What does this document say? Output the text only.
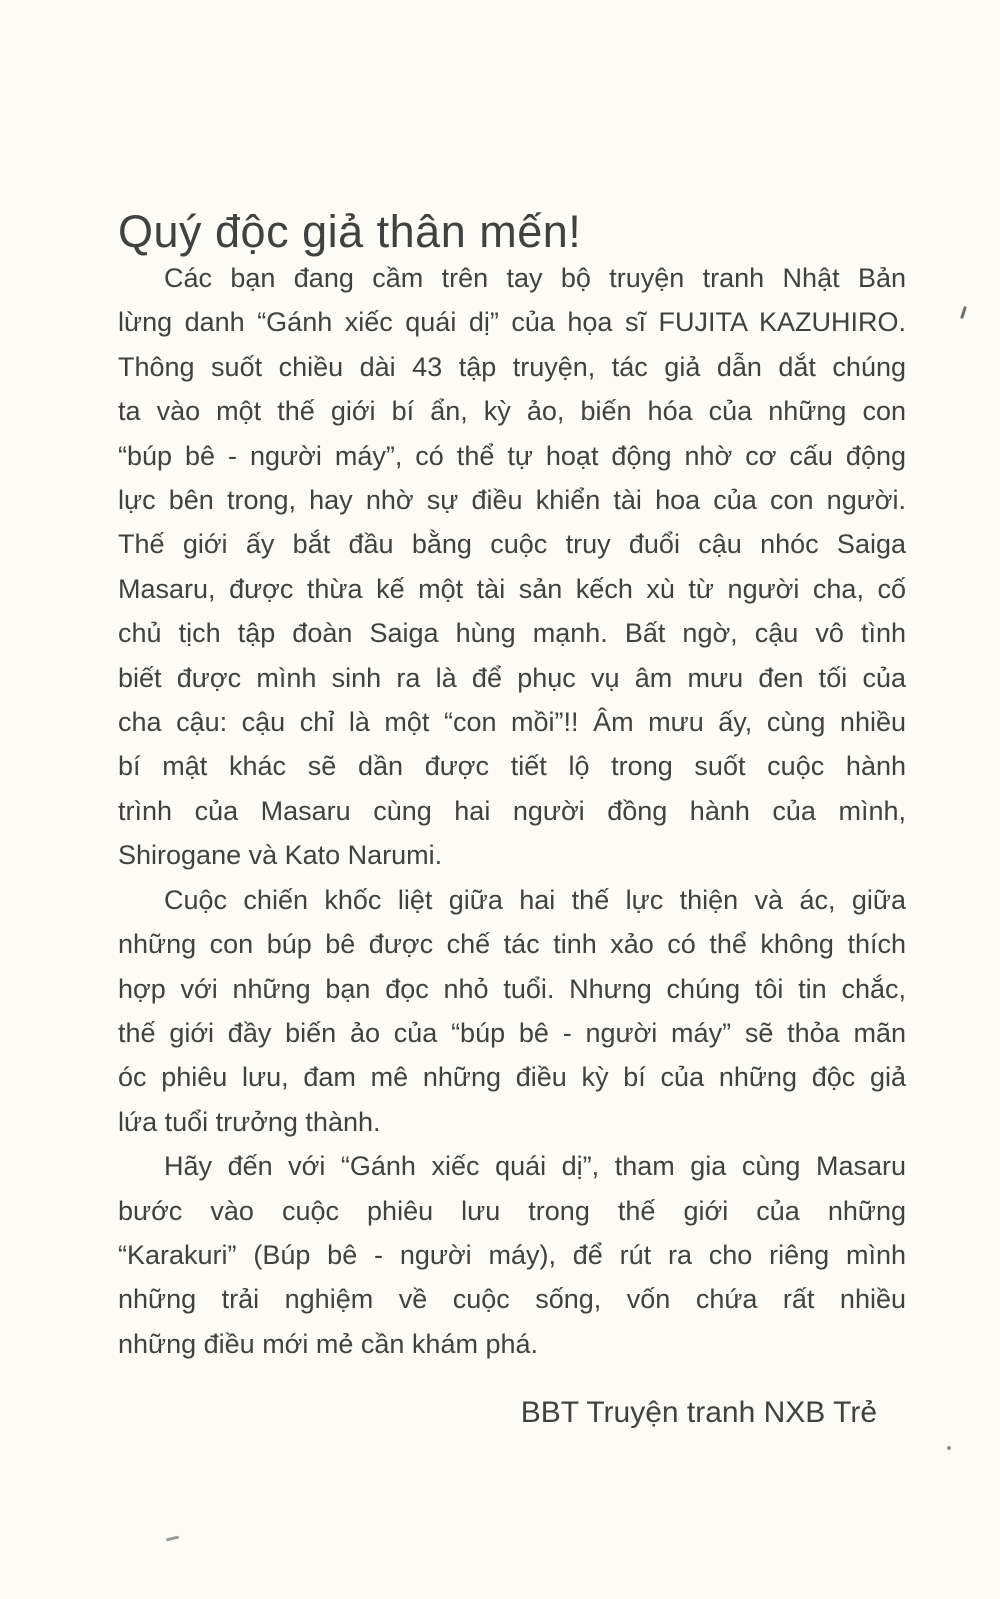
Quý độc giả thân mến!
Các bạn đang cầm trên tay bộ truyện tranh Nhật Bản
lừng danh “Gánh xiếc quái dị” của họa sĩ FUJITA KAZUHIRO.
Thông suốt chiều dài 43 tập truyện, tác giả dẫn dắt chúng
ta vào một thế giới bí ẩn, kỳ ảo, biến hóa của những con
“búp bê - người máy”, có thể tự hoạt động nhờ cơ cấu động
lực bên trong, hay nhờ sự điều khiển tài hoa của con người.
Thế giới ấy bắt đầu bằng cuộc truy đuổi cậu nhóc Saiga
Masaru, được thừa kế một tài sản kếch xù từ người cha, cố
chủ tịch tập đoàn Saiga hùng mạnh. Bất ngờ, cậu vô tình
biết được mình sinh ra là để phục vụ âm mưu đen tối của
cha cậu: cậu chỉ là một “con mồi”!! Âm mưu ấy, cùng nhiều
bí mật khác sẽ dần được tiết lộ trong suốt cuộc hành
trình của Masaru cùng hai người đồng hành của mình,
Shirogane và Kato Narumi.
Cuộc chiến khốc liệt giữa hai thế lực thiện và ác, giữa
những con búp bê được chế tác tinh xảo có thể không thích
hợp với những bạn đọc nhỏ tuổi. Nhưng chúng tôi tin chắc,
thế giới đầy biến ảo của “búp bê - người máy” sẽ thỏa mãn
óc phiêu lưu, đam mê những điều kỳ bí của những độc giả
lứa tuổi trưởng thành.
Hãy đến với “Gánh xiếc quái dị”, tham gia cùng Masaru
bước vào cuộc phiêu lưu trong thế giới của những
“Karakuri” (Búp bê - người máy), để rút ra cho riêng mình
những trải nghiệm về cuộc sống, vốn chứa rất nhiều
những điều mới mẻ cần khám phá.
BBT Truyện tranh NXB Trẻ
